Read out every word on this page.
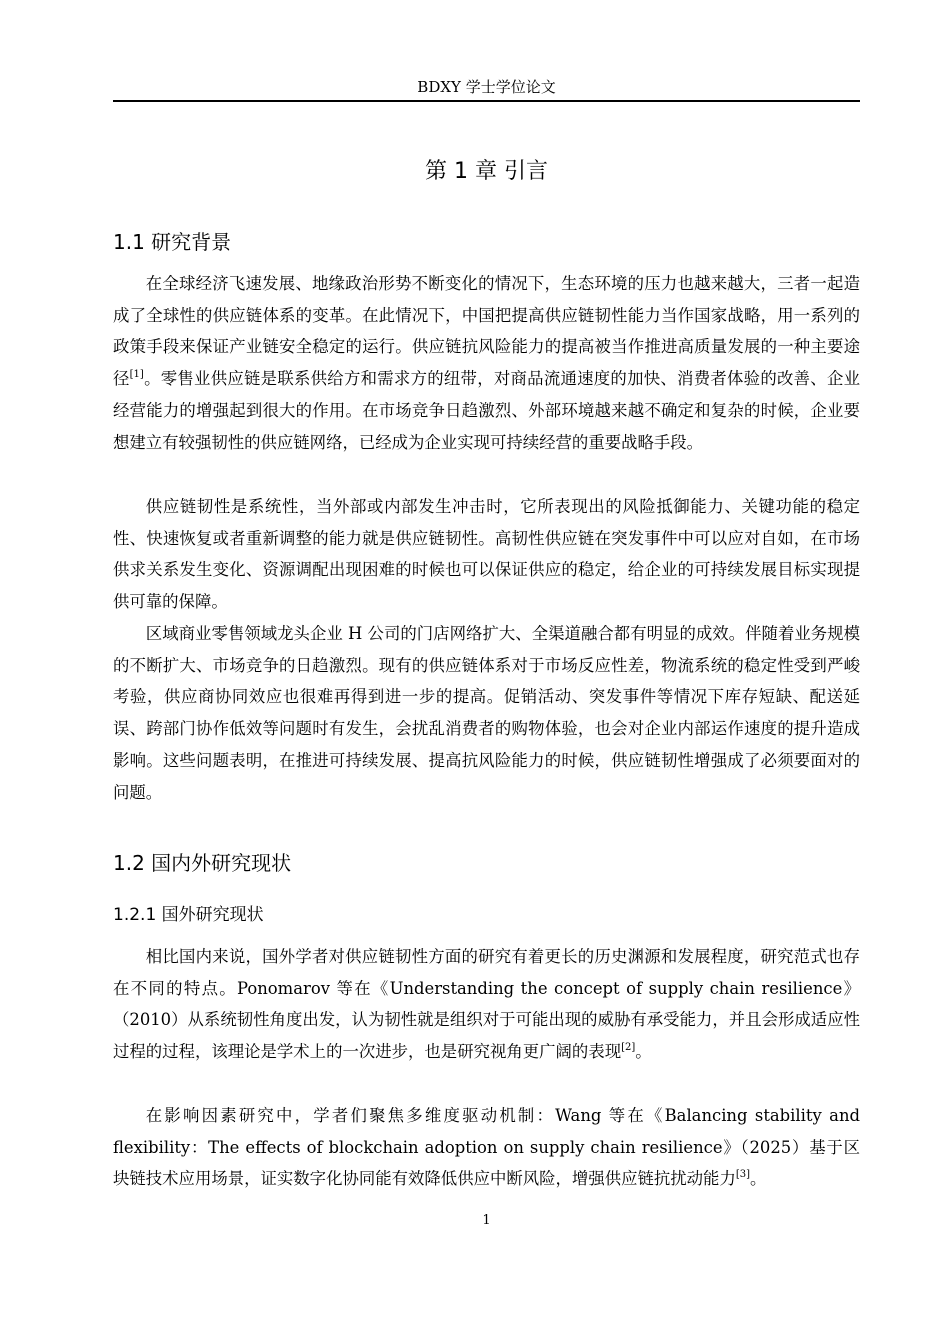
BDXY 学士学位论文
第 1 章 引言
1.1 研究背景

在全球经济飞速发展、地缘政治形势不断变化的情况下，生态环境的压力也越来越大，三者一起造成了全球性的供应链体系的变革。在此情况下，中国把提高供应链韧性能力当作国家战略，用一系列的政策手段来保证产业链安全稳定的运行。供应链抗风险能力的提高被当作推进高质量发展的一种主要途径[1]。零售业供应链是联系供给方和需求方的纽带，对商品流通速度的加快、消费者体验的改善、企业经营能力的增强起到很大的作用。在市场竞争日趋激烈、外部环境越来越不确定和复杂的时候，企业要想建立有较强韧性的供应链网络，已经成为企业实现可持续经营的重要战略手段。

供应链韧性是系统性，当外部或内部发生冲击时，它所表现出的风险抵御能力、关键功能的稳定性、快速恢复或者重新调整的能力就是供应链韧性。高韧性供应链在突发事件中可以应对自如，在市场供求关系发生变化、资源调配出现困难的时候也可以保证供应的稳定，给企业的可持续发展目标实现提供可靠的保障。

区域商业零售领域龙头企业 H 公司的门店网络扩大、全渠道融合都有明显的成效。伴随着业务规模的不断扩大、市场竞争的日趋激烈。现有的供应链体系对于市场反应性差，物流系统的稳定性受到严峻考验，供应商协同效应也很难再得到进一步的提高。促销活动、突发事件等情况下库存短缺、配送延误、跨部门协作低效等问题时有发生，会扰乱消费者的购物体验，也会对企业内部运作速度的提升造成影响。这些问题表明，在推进可持续发展、提高抗风险能力的时候，供应链韧性增强成了必须要面对的问题。

1.2 国内外研究现状
1.2.1 国外研究现状

相比国内来说，国外学者对供应链韧性方面的研究有着更长的历史渊源和发展程度，研究范式也存在不同的特点。Ponomarov 等在《Understanding the concept of supply chain resilience》（2010）从系统韧性角度出发，认为韧性就是组织对于可能出现的威胁有承受能力，并且会形成适应性过程的过程，该理论是学术上的一次进步，也是研究视角更广阔的表现[2]。

在影响因素研究中，学者们聚焦多维度驱动机制：Wang 等在《Balancing stability and flexibility：The effects of blockchain adoption on supply chain resilience》（2025）基于区块链技术应用场景，证实数字化协同能有效降低供应中断风险，增强供应链抗扰动能力[3]。

1
